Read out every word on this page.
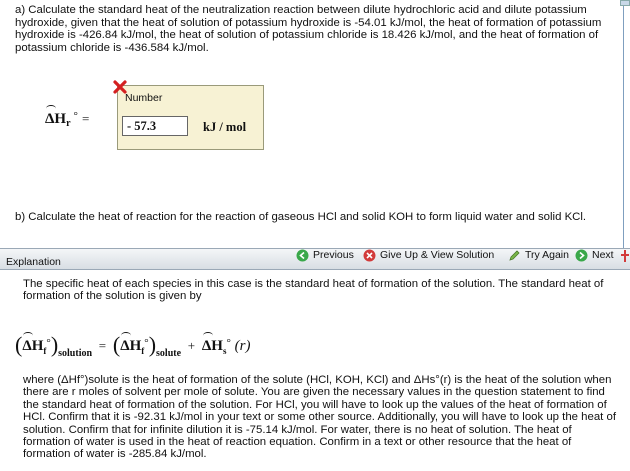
a) Calculate the standard heat of the neutralization reaction between dilute hydrochloric acid and dilute potassium hydroxide, given that the heat of solution of potassium hydroxide is -54.01 kJ/mol, the heat of formation of potassium hydroxide is -426.84 kJ/mol, the heat of solution of potassium chloride is 18.426 kJ/mol, and the heat of formation of potassium chloride is -436.584 kJ/mol.

$\Delta H_r^\circ$ =
Number
- 57.3	kJ / mol

b) Calculate the heat of reaction for the reaction of gaseous HCl and solid KOH to form liquid water and solid KCl.

Explanation
Previous Give Up & View Solution	Try Again Next

The specific heat of each species in this case is the standard heat of formation of the solution. The standard heat of formation of the solution is given by

(ΔHf°)solution = (ΔHf°)solute + ΔHs° (r)

where (ΔHf°)solute is the heat of formation of the solute (HCl, KOH, KCl) and ΔHs°(r) is the heat of the solution when there are r moles of solvent per mole of solute. You are given the necessary values in the question statement to find the standard heat of formation of the solution. For HCl, you will have to look up the values of the heat of formation of HCl. Confirm that it is -92.31 kJ/mol in your text or some other source. Additionally, you will have to look up the heat of solution. Confirm that for infinite dilution it is -75.14 kJ/mol. For water, there is no heat of solution. The heat of formation of water is used in the heat of reaction equation. Confirm in a text or other resource that the heat of formation of water is -285.84 kJ/mol.
